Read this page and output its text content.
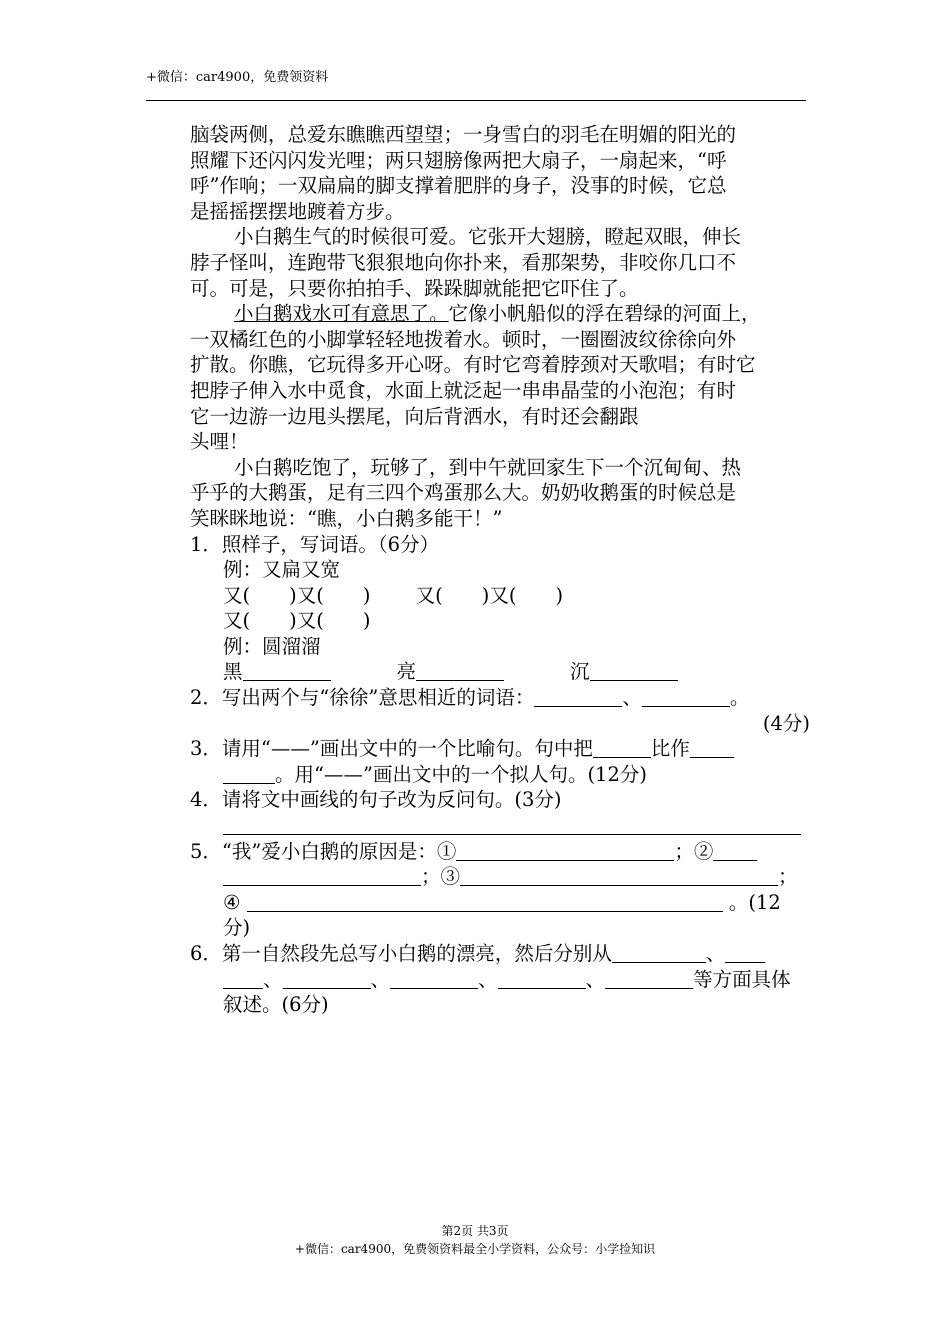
+微信：car4900，免费领资料
脑袋两侧，总爱东瞧瞧西望望；一身雪白的羽毛在明媚的阳光的
照耀下还闪闪发光哩；两只翅膀像两把大扇子，一扇起来，“呼
呼”作响；一双扁扁的脚支撑着肥胖的身子，没事的时候，它总
是摇摇摆摆地踱着方步。
小白鹅生气的时候很可爱。它张开大翅膀，瞪起双眼，伸长
脖子怪叫，连跑带飞狠狠地向你扑来，看那架势，非咬你几口不
可。可是，只要你拍拍手、跺跺脚就能把它吓住了。
小白鹅戏水可有意思了。它像小帆船似的浮在碧绿的河面上，
一双橘红色的小脚掌轻轻地拨着水。顿时，一圈圈波纹徐徐向外
扩散。你瞧，它玩得多开心呀。有时它弯着脖颈对天歌唱；有时它
把脖子伸入水中觅食，水面上就泛起一串串晶莹的小泡泡；有时
它一边游一边甩头摆尾，向后背洒水，有时还会翻跟
头哩！
小白鹅吃饱了，玩够了，到中午就回家生下一个沉甸甸、热
乎乎的大鹅蛋，足有三四个鸡蛋那么大。奶奶收鹅蛋的时候总是
笑眯眯地说：“瞧，小白鹅多能干！”
1．照样子，写词语。（6分）
例：又扁又宽
又(　　)又(　　)　　 又(　　)又(　　)
又(　　)又(　　)
例：圆溜溜
黑	亮	沉
2．写出两个与“徐徐”意思相近的词语：	、	。
(4分)
3．请用“——”画出文中的一个比喻句。句中把	比作
。用“——”画出文中的一个拟人句。(12分)
4．请将文中画线的句子改为反问句。(3分)
5．“我”爱小白鹅的原因是：①	；②
；③	；
④	。(12
分)
6．第一自然段先总写小白鹅的漂亮，然后分别从	、
、	、	、	、	等方面具体
叙述。(6分)
第2页 共3页
+微信：car4900，免费领资料最全小学资料，公众号：小学捡知识
